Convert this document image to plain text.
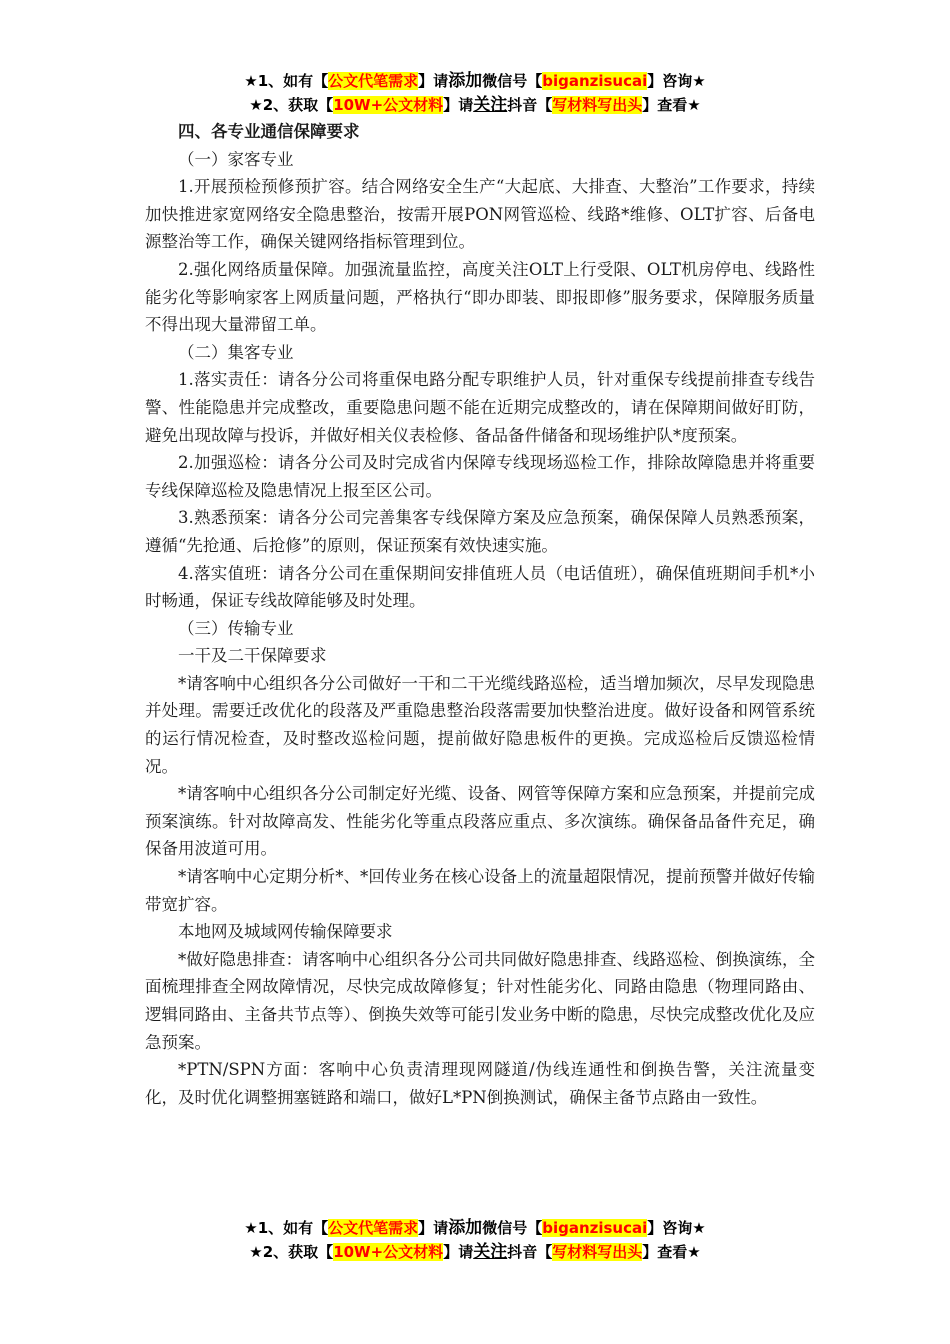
★1、如有【公文代笔需求】请添加微信号【biganzisucai】咨询★
★2、获取【10W+公文材料】请关注抖音【写材料写出头】查看★

四、各专业通信保障要求

（一）家客专业

1.开展预检预修预扩容。结合网络安全生产“大起底、大排查、大整治”工作要求，持续加快推进家宽网络安全隐患整治，按需开展PON网管巡检、线路*维修、OLT扩容、后备电源整治等工作，确保关键网络指标管理到位。

2.强化网络质量保障。加强流量监控，高度关注OLT上行受限、OLT机房停电、线路性能劣化等影响家客上网质量问题，严格执行“即办即装、即报即修”服务要求，保障服务质量不得出现大量滞留工单。

（二）集客专业

1.落实责任：请各分公司将重保电路分配专职维护人员，针对重保专线提前排查专线告警、性能隐患并完成整改，重要隐患问题不能在近期完成整改的，请在保障期间做好盯防，避免出现故障与投诉，并做好相关仪表检修、备品备件储备和现场维护队*度预案。

2.加强巡检：请各分公司及时完成省内保障专线现场巡检工作，排除故障隐患并将重要专线保障巡检及隐患情况上报至区公司。

3.熟悉预案：请各分公司完善集客专线保障方案及应急预案，确保保障人员熟悉预案，遵循“先抢通、后抢修”的原则，保证预案有效快速实施。

4.落实值班：请各分公司在重保期间安排值班人员（电话值班），确保值班期间手机*小时畅通，保证专线故障能够及时处理。

（三）传输专业

一干及二干保障要求

*请客响中心组织各分公司做好一干和二干光缆线路巡检，适当增加频次，尽早发现隐患并处理。需要迁改优化的段落及严重隐患整治段落需要加快整治进度。做好设备和网管系统的运行情况检查，及时整改巡检问题，提前做好隐患板件的更换。完成巡检后反馈巡检情况。

*请客响中心组织各分公司制定好光缆、设备、网管等保障方案和应急预案，并提前完成预案演练。针对故障高发、性能劣化等重点段落应重点、多次演练。确保备品备件充足，确保备用波道可用。

*请客响中心定期分析*、*回传业务在核心设备上的流量超限情况，提前预警并做好传输带宽扩容。

本地网及城域网传输保障要求

*做好隐患排查：请客响中心组织各分公司共同做好隐患排查、线路巡检、倒换演练，全面梳理排查全网故障情况，尽快完成故障修复；针对性能劣化、同路由隐患（物理同路由、逻辑同路由、主备共节点等）、倒换失效等可能引发业务中断的隐患，尽快完成整改优化及应急预案。

*PTN/SPN方面：客响中心负责清理现网隧道/伪线连通性和倒换告警，关注流量变化，及时优化调整拥塞链路和端口，做好L*PN倒换测试，确保主备节点路由一致性。

★1、如有【公文代笔需求】请添加微信号【biganzisucai】咨询★
★2、获取【10W+公文材料】请关注抖音【写材料写出头】查看★
